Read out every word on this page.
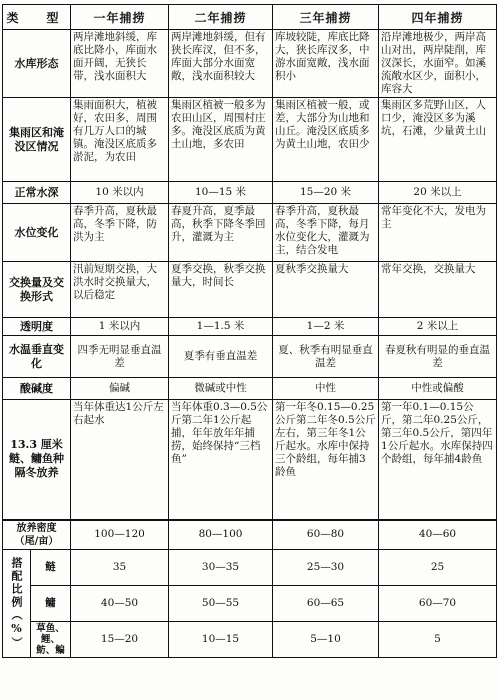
类　型		一年捕捞	二年捕捞	三年捕捞	四年捕捞
水库形态		两岸滩地斜缓，库底比降小，库面水面开阔，无狭长带，浅水面积大	两岸滩地斜缓，但有狭长库汊，但不多，库面大部分水面宽敞，浅水面积较大	库坡较陡，库底比降大，狭长库汊多，中游水面宽敞，浅水面积小	沿岸滩地极少，两岸高山对出，两岸陡削，库汊深长，水面窄。如溪流敞水区少，面积小，库容大
集雨区和淹没区情况		集雨面积大，植被好，农田多，周围有几万人口的城镇。淹没区底质多淤泥，为农田	集雨区植被一般多为农田山区，周围村庄多。淹没区底质为黄土山地，多农田	集雨区植被一般，或差，大部分为山地和山丘。淹没区底质多为黄土山地，农田少	集雨区多荒野山区，人口少，淹没区多为溪坑，石滩，少量黄土山
正常水深		10 米以内	10—15 米	15—20 米	20 米以上
水位变化		春季升高，夏秋最高，冬季下降，防洪为主	春夏升高，夏季最高，秋季下降冬季回升，灌溉为主	春季升高，夏秋最高，冬季下降，每月水位变化大，灌溉为主，结合发电	常年变化不大，发电为主
交换量及交换形式		汛前短期交换，大洪水时交换量大，以后稳定	夏季交换，秋季交换量大，时间长	夏秋季交换量大	常年交换，交换量大
透明度		1 米以内	1—1.5 米	1—2 米	2 米以上
水温垂直变化		四季无明显垂直温差	夏季有垂直温差	夏、秋季有明显垂直温差	春夏秋有明显的垂直温差
酸碱度		偏碱	微碱或中性	中性	中性或偏酸
13.3 厘米鲢、鳙鱼种隔冬放养		当年体重达1公斤左右起水	当年体重0.3—0.5公斤第二年1公斤起捕，年年放年年捕捞，始终保持“三档鱼”	第一年冬0.15—0.25公斤第二年冬0.5公斤左右，第三年冬1公斤起水。水库中保持三个龄组，每年捕3龄鱼	第一年0.1—0.15公斤，第二年0.25公斤，第三年0.5公斤，第四年1公斤起水。水库保持四个龄组，每年捕4龄鱼
放养密度（尾/亩）		100—120	80—100	60—80	40—60

搭配比例（%）	鲢	35	30—35	25—30	25
	鳙	40—50	50—55	60—65	60—70
	草鱼、鲤、鲂、鳊	15—20	10—15	5—10	5
